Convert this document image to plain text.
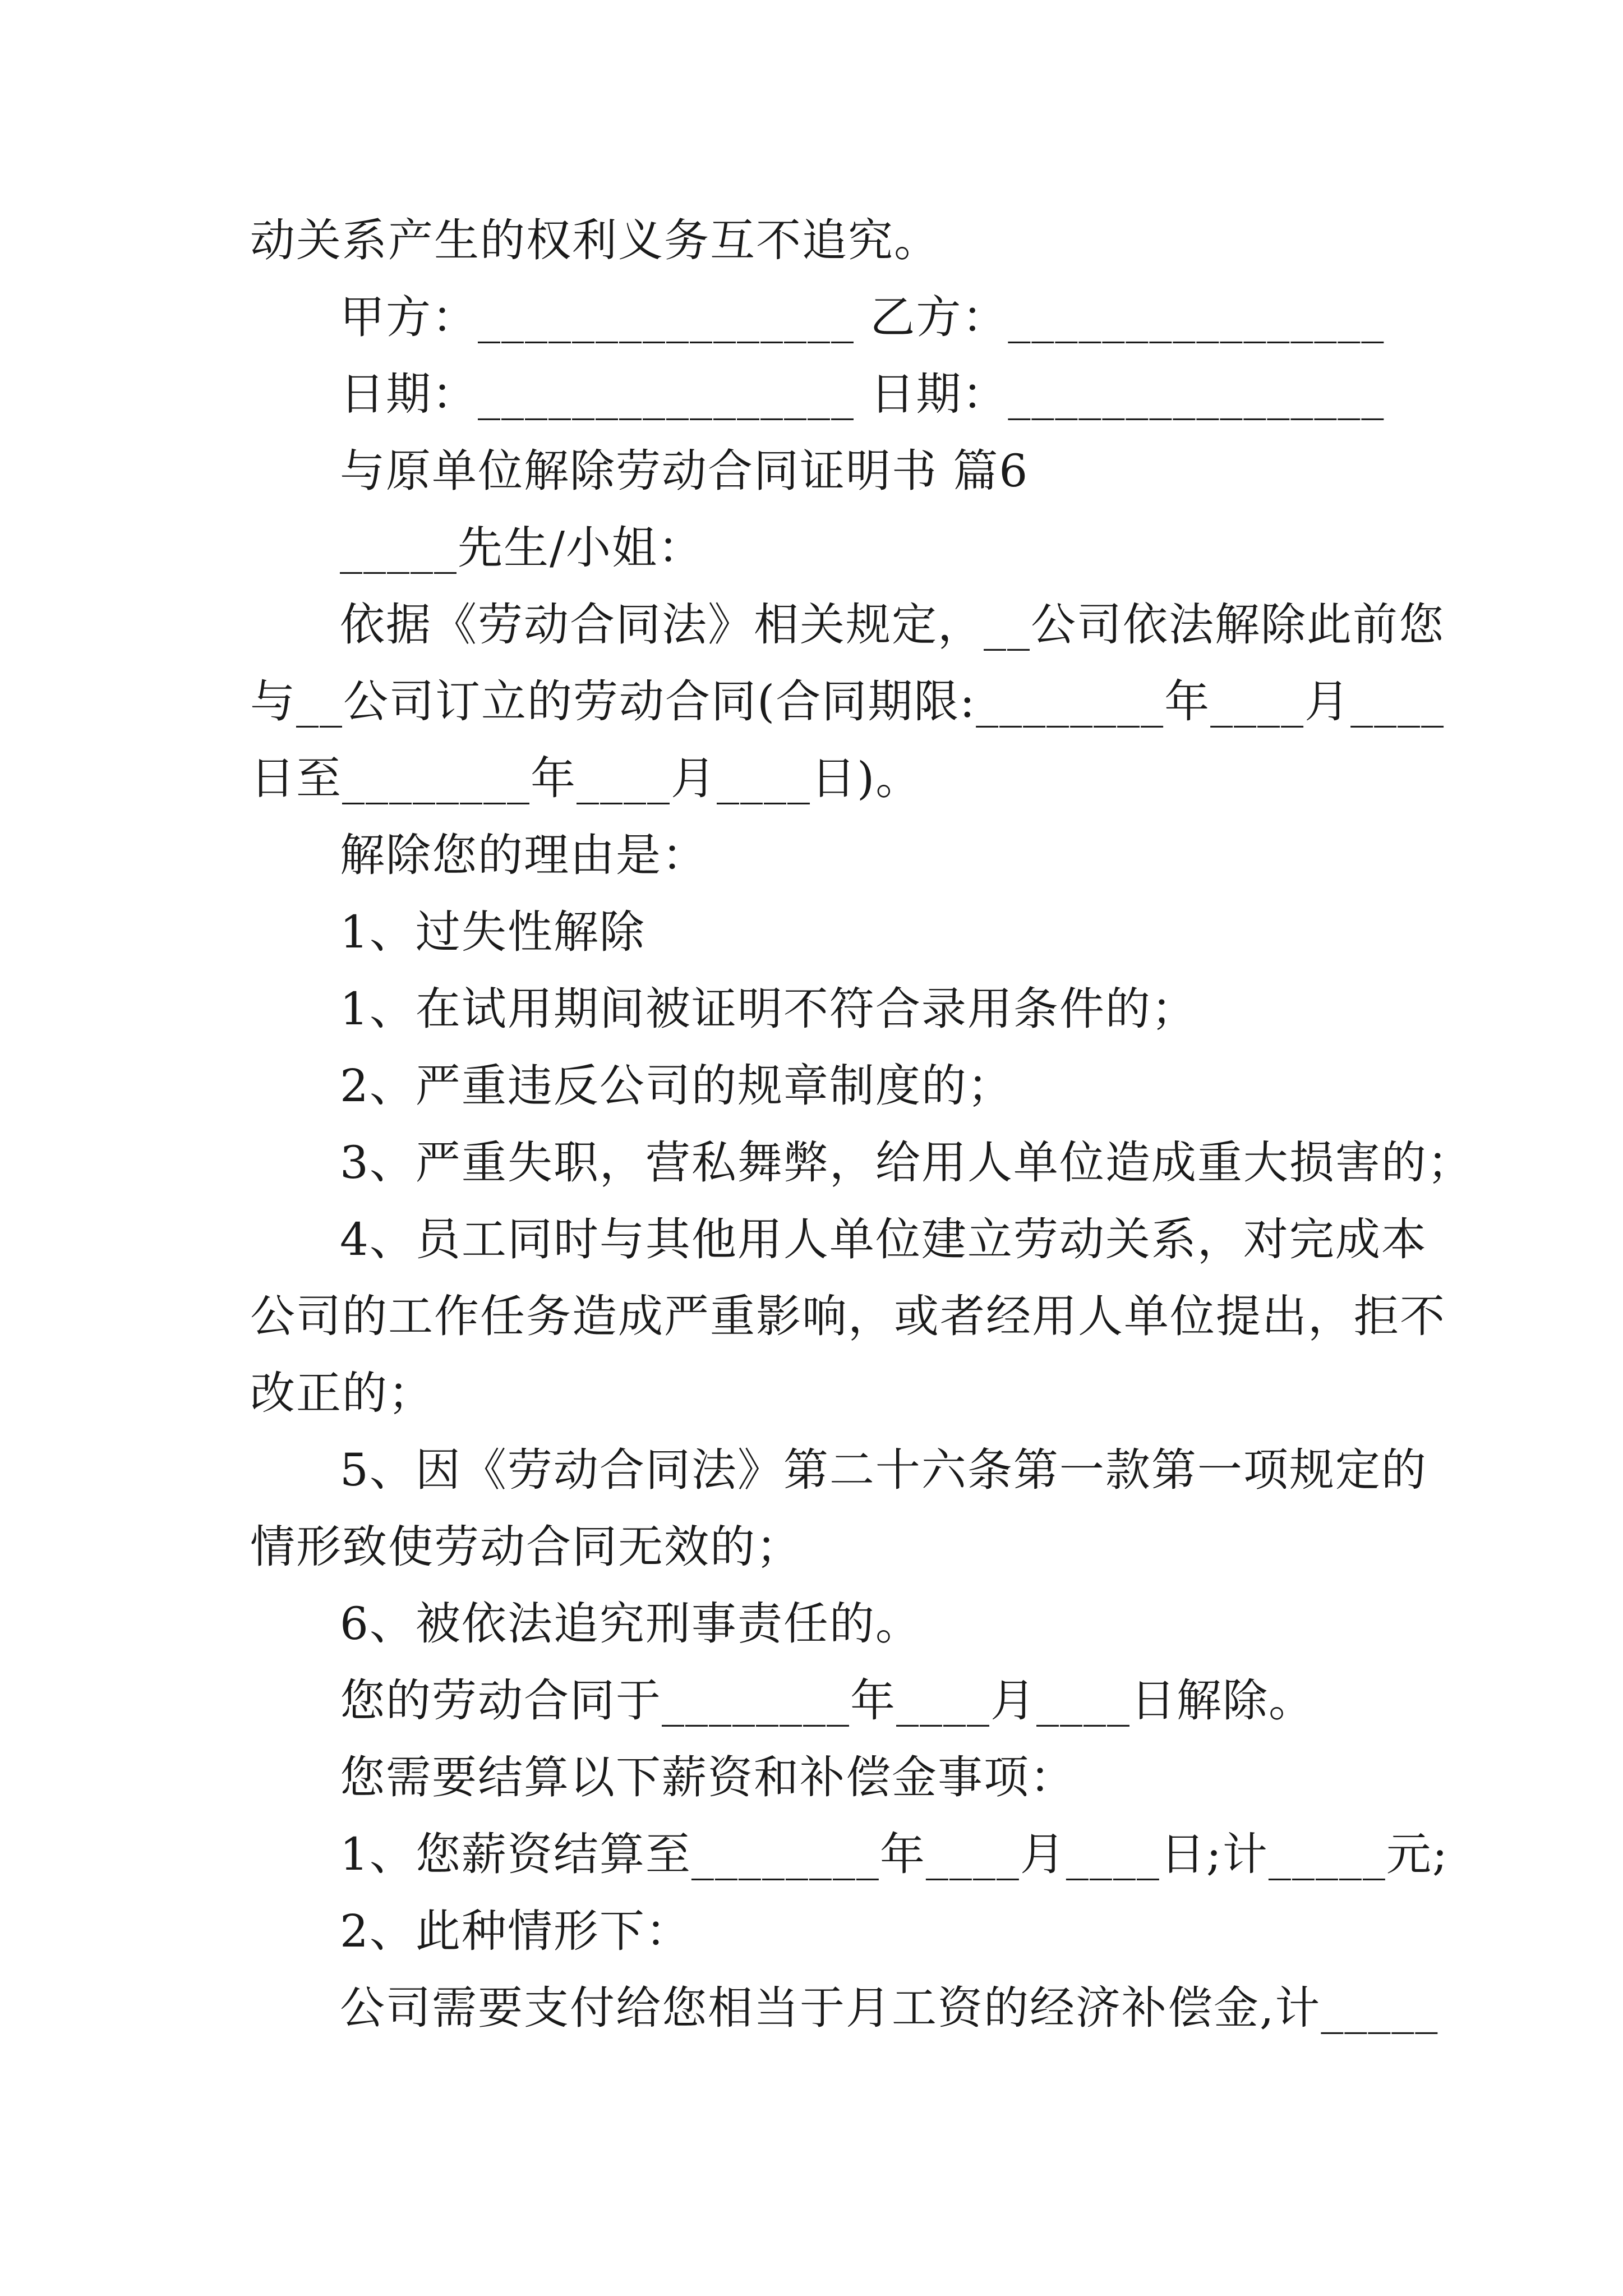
动关系产生的权利义务互不追究。
甲方：________________ 乙方：________________
日期：________________ 日期：________________
与原单位解除劳动合同证明书 篇6
_____先生/小姐：
依据《劳动合同法》相关规定，__公司依法解除此前您
与__公司订立的劳动合同(合同期限:________年____月____
日至________年____月____日)。
解除您的理由是：
1、过失性解除
1、在试用期间被证明不符合录用条件的；
2、严重违反公司的规章制度的；
3、严重失职，营私舞弊，给用人单位造成重大损害的；
4、员工同时与其他用人单位建立劳动关系，对完成本
公司的工作任务造成严重影响，或者经用人单位提出，拒不
改正的；
5、因《劳动合同法》第二十六条第一款第一项规定的
情形致使劳动合同无效的；
6、被依法追究刑事责任的。
您的劳动合同于________年____月____日解除。
您需要结算以下薪资和补偿金事项：
1、您薪资结算至________年____月____日;计_____元;
2、此种情形下：
公司需要支付给您相当于月工资的经济补偿金,计_____
